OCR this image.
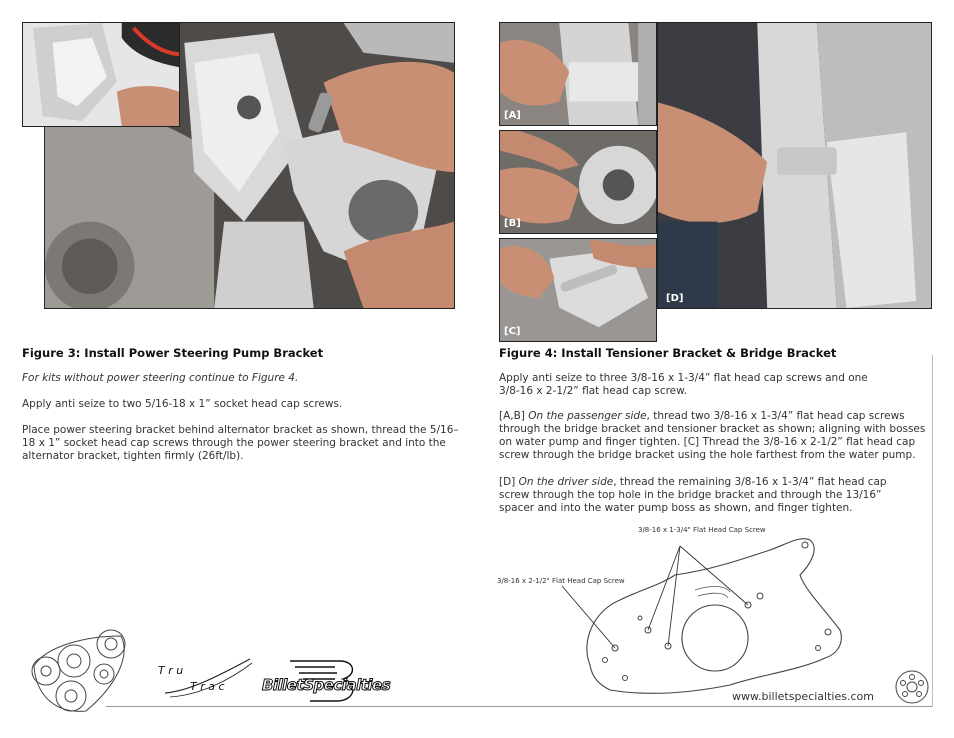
[A]
[B]
[C]
[D]
Figure 3: Install Power Steering Pump Bracket

For kits without power steering continue to Figure 4.

Apply anti seize to two 5/16-18 x 1” socket head cap screws.

Place power steering bracket behind alternator bracket as shown, thread the 5/16–18 x 1” socket head cap screws through the power steering bracket and into the alternator bracket, tighten firmly (26ft/lb).

Figure 4: Install Tensioner Bracket & Bridge Bracket

Apply anti seize to three 3/8-16 x 1-3/4” flat head cap screws and one 3/8-16 x 2-1/2” flat head cap screw.

[A,B] On the passenger side, thread two 3/8-16 x 1-3/4” flat head cap screws through the bridge bracket and tensioner bracket as shown; aligning with bosses on water pump and finger tighten. [C] Thread the 3/8-16 x 2-1/2” flat head cap screw through the bridge bracket using the hole farthest from the water pump.

[D] On the driver side, thread the remaining 3/8-16 x 1-3/4” flat head cap screw through the top hole in the bridge bracket and through the 13/16” spacer and into the water pump boss as shown, and finger tighten.

3/8-16 x 1-3/4" Flat Head Cap Screw
3/8-16 x 2-1/2" Flat Head Cap Screw
T r u
T r a c BilletSpecialties
www.billetspecialties.com
